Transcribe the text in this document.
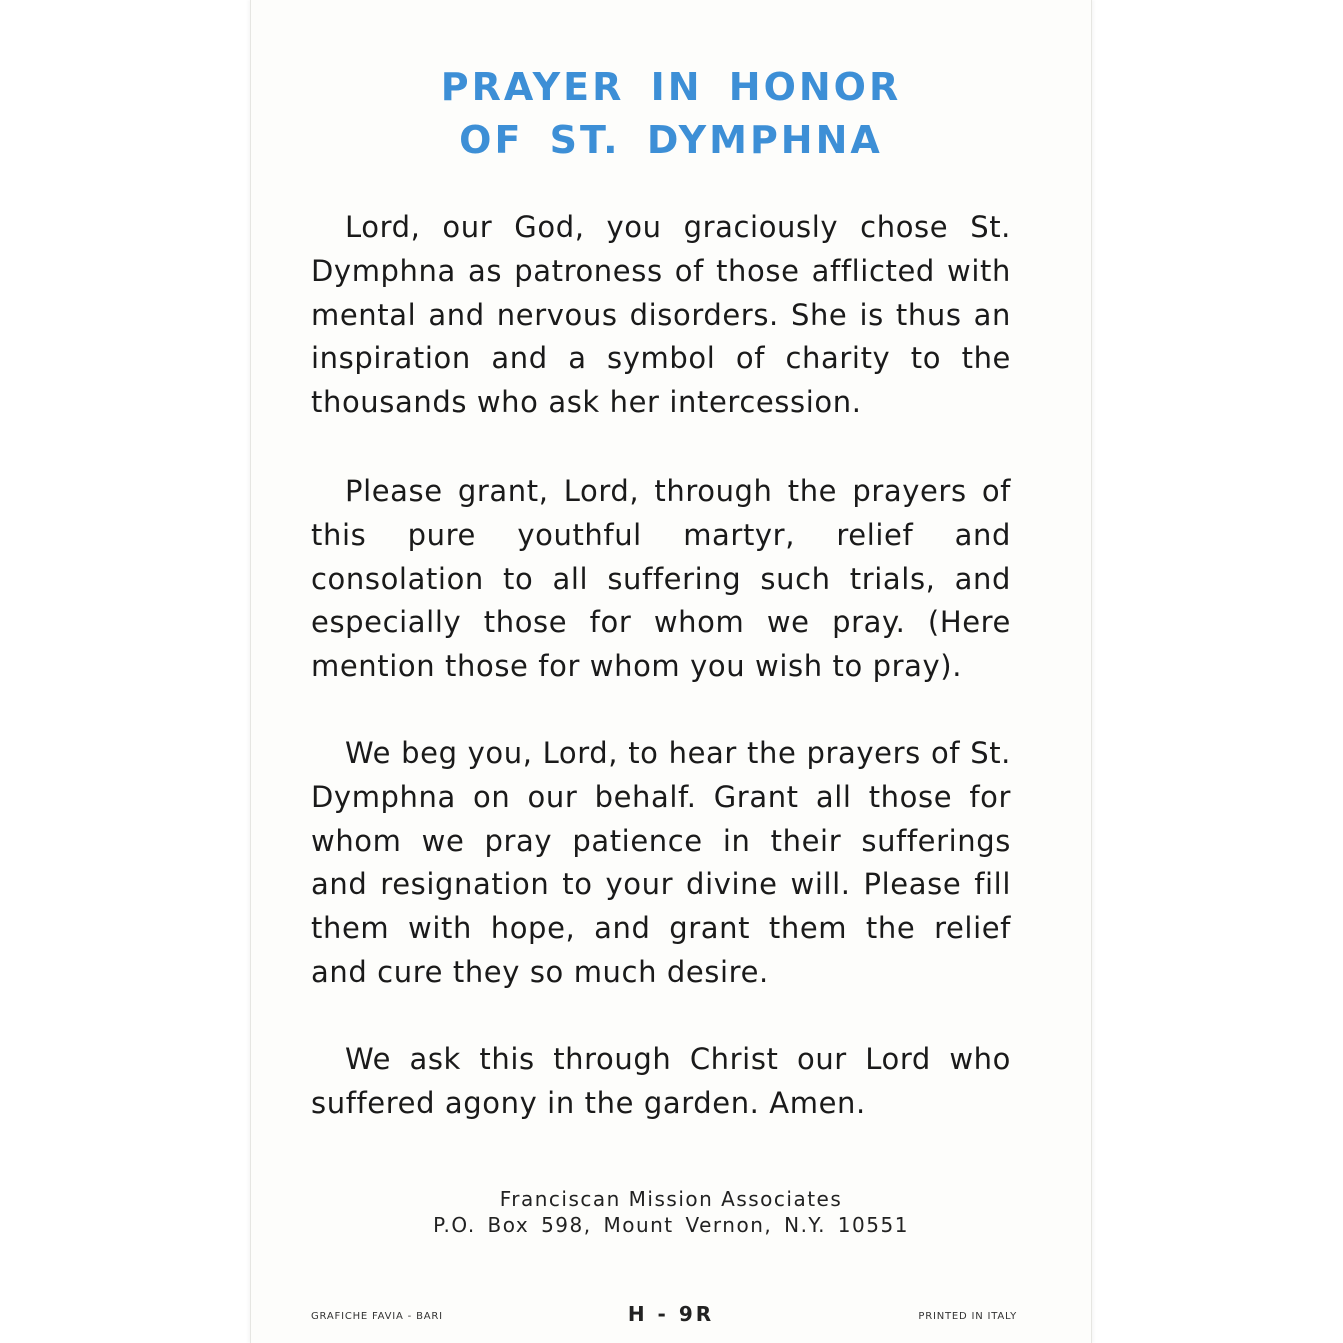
PRAYER IN HONOR
OF ST. DYMPHNA

Lord, our God, you graciously chose St. Dymphna as patroness of those afflicted with mental and nervous disorders. She is thus an inspiration and a symbol of charity to the thousands who ask her intercession.

Please grant, Lord, through the prayers of this pure youthful martyr, relief and consolation to all suffering such trials, and especially those for whom we pray. (Here mention those for whom you wish to pray).

We beg you, Lord, to hear the prayers of St. Dymphna on our behalf. Grant all those for whom we pray patience in their sufferings and resignation to your divine will. Please fill them with hope, and grant them the relief and cure they so much desire.

We ask this through Christ our Lord who suffered agony in the garden. Amen.

Franciscan Mission Associates
P.O. Box 598, Mount Vernon, N.Y. 10551
GRAFICHE FAVIA - BARI	H - 9R	PRINTED IN ITALY
